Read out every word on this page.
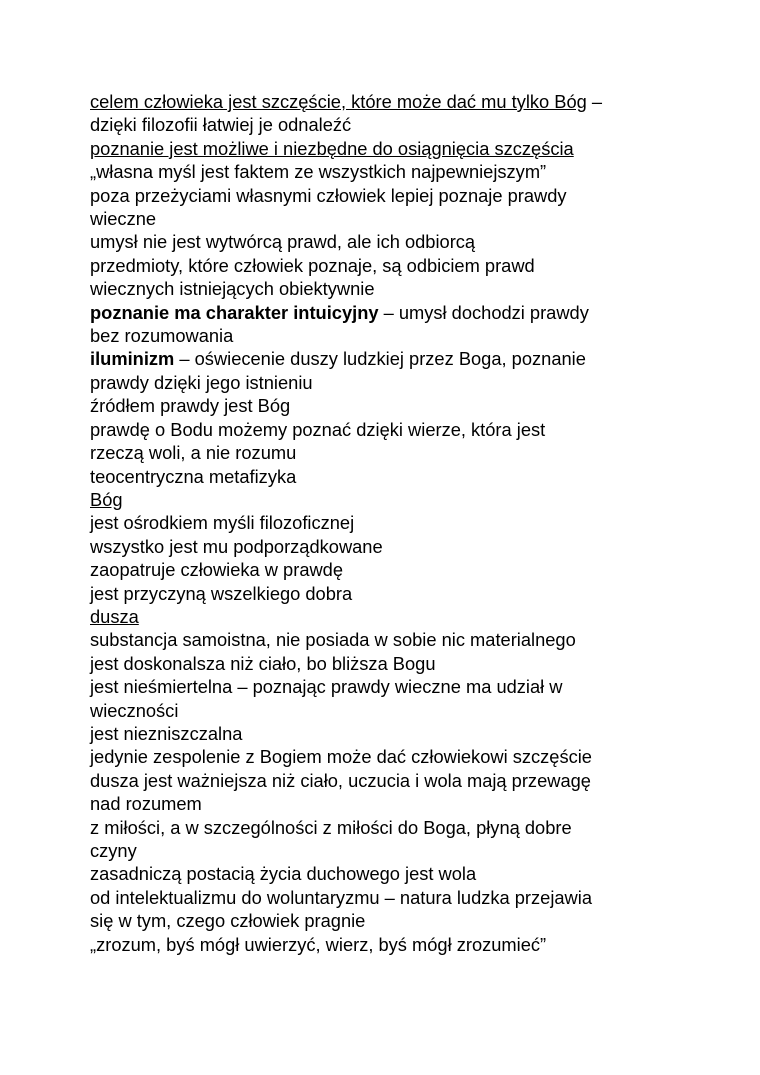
celem człowieka jest szczęście, które może dać mu tylko Bóg –
dzięki filozofii łatwiej je odnaleźć
poznanie jest możliwe i niezbędne do osiągnięcia szczęścia
„własna myśl jest faktem ze wszystkich najpewniejszym”
poza przeżyciami własnymi człowiek lepiej poznaje prawdy
wieczne
umysł nie jest wytwórcą prawd, ale ich odbiorcą
przedmioty, które człowiek poznaje, są odbiciem prawd
wiecznych istniejących obiektywnie
poznanie ma charakter intuicyjny – umysł dochodzi prawdy
bez rozumowania
iluminizm – oświecenie duszy ludzkiej przez Boga, poznanie
prawdy dzięki jego istnieniu
źródłem prawdy jest Bóg
prawdę o Bodu możemy poznać dzięki wierze, która jest
rzeczą woli, a nie rozumu
teocentryczna metafizyka
Bóg
jest ośrodkiem myśli filozoficznej
wszystko jest mu podporządkowane
zaopatruje człowieka w prawdę
jest przyczyną wszelkiego dobra
dusza
substancja samoistna, nie posiada w sobie nic materialnego
jest doskonalsza niż ciało, bo bliższa Bogu
jest nieśmiertelna – poznając prawdy wieczne ma udział w
wieczności
jest niezniszczalna
jedynie zespolenie z Bogiem może dać człowiekowi szczęście
dusza jest ważniejsza niż ciało, uczucia i wola mają przewagę
nad rozumem
z miłości, a w szczególności z miłości do Boga, płyną dobre
czyny
zasadniczą postacią życia duchowego jest wola
od intelektualizmu do woluntaryzmu – natura ludzka przejawia
się w tym, czego człowiek pragnie
„zrozum, byś mógł uwierzyć, wierz, byś mógł zrozumieć”
